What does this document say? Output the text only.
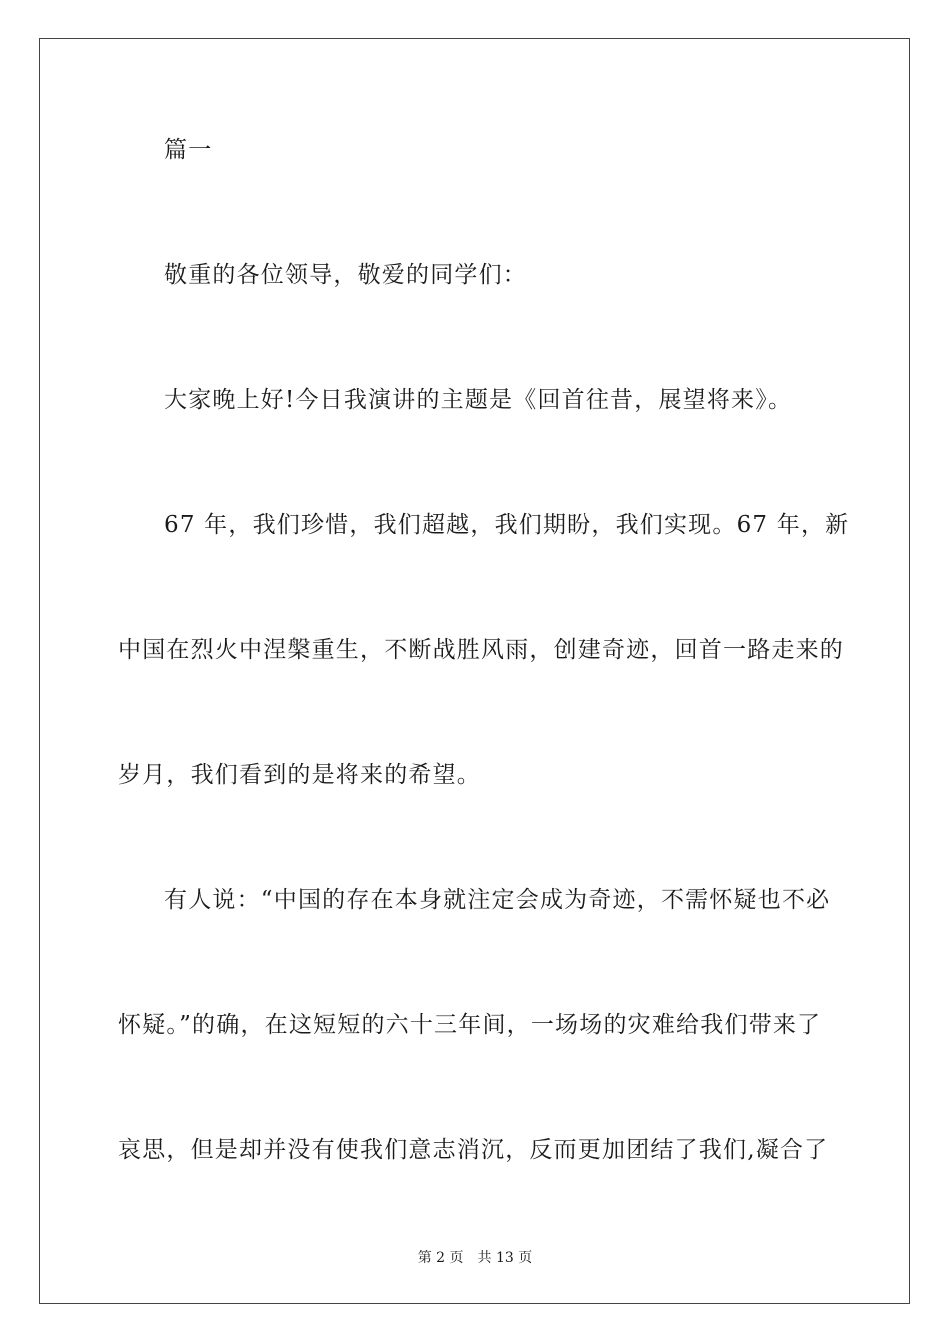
篇一
敬重的各位领导，敬爱的同学们：
大家晚上好!今日我演讲的主题是《回首往昔，展望将来》。
67 年，我们珍惜，我们超越，我们期盼，我们实现。67 年，新
中国在烈火中涅槃重生，不断战胜风雨，创建奇迹，回首一路走来的
岁月，我们看到的是将来的希望。
有人说：“中国的存在本身就注定会成为奇迹，不需怀疑也不必
怀疑。”的确，在这短短的六十三年间，一场场的灾难给我们带来了
哀思，但是却并没有使我们意志消沉，反而更加团结了我们,凝合了
第 2 页 共 13 页
